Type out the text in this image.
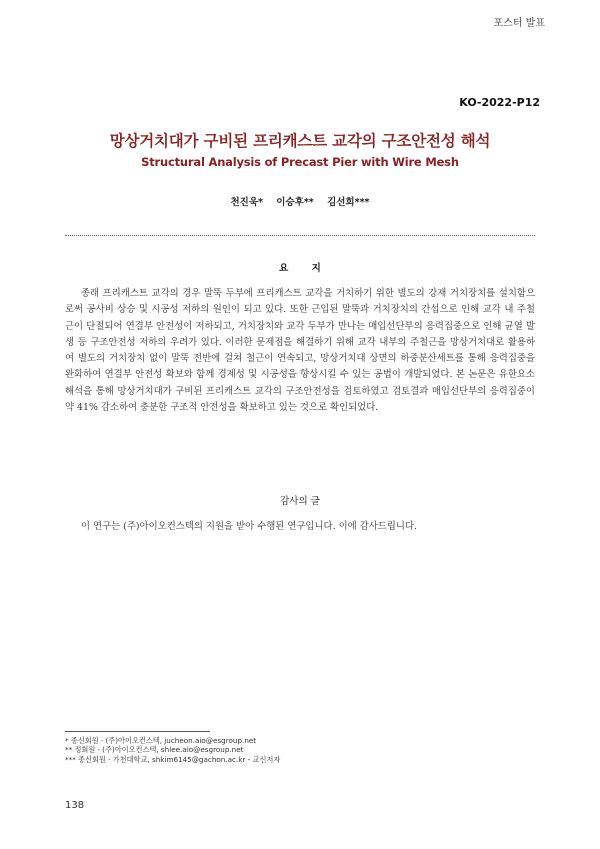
포스터 발표
KO-2022-P12
망상거치대가 구비된 프리캐스트 교각의 구조안전성 해석
Structural Analysis of Precast Pier with Wire Mesh
천진욱* 이승후** 김선희***
요 지

종래 프리캐스트 교각의 경우 말뚝 두부에 프리캐스트 교각을 거치하기 위한 별도의 강재 거치장치를 설치함으로써 공사비 상승 및 시공성 저하의 원인이 되고 있다. 또한 근입된 말뚝과 거치장치의 간섭으로 인해 교각 내 주철근이 단절되어 연결부 안전성이 저하되고, 거치장치와 교각 두부가 만나는 매입선단부의 응력집중으로 인해 균열 발생 등 구조안전성 저하의 우려가 있다. 이러한 문제점을 해결하기 위해 교각 내부의 주철근을 망상거치대로 활용하여 별도의 거치장치 없이 말뚝 전반에 걸쳐 철근이 연속되고, 망상거치대 상면의 하중분산세트를 통해 응력집중을 완화하여 연결부 안전성 확보와 함께 경제성 및 시공성을 향상시킬 수 있는 공법이 개발되었다. 본 논문은 유한요소해석을 통해 망상거치대가 구비된 프리캐스트 교각의 구조안전성을 검토하였고 검토결과 매입선단부의 응력집중이 약 41% 감소하여 충분한 구조적 안전성을 확보하고 있는 것으로 확인되었다.

감사의 글

이 연구는 (주)아이오컨스텍의 지원을 받아 수행된 연구입니다. 이에 감사드립니다.

* 종신회원 · (주)아이오컨스텍, jucheon.aio@esgroup.net
** 정회원 · (주)아이오컨스텍, shlee.aio@esgroup.net
*** 종신회원 · 가천대학교, shkim6145@gachon.ac.kr - 교신저자
138
